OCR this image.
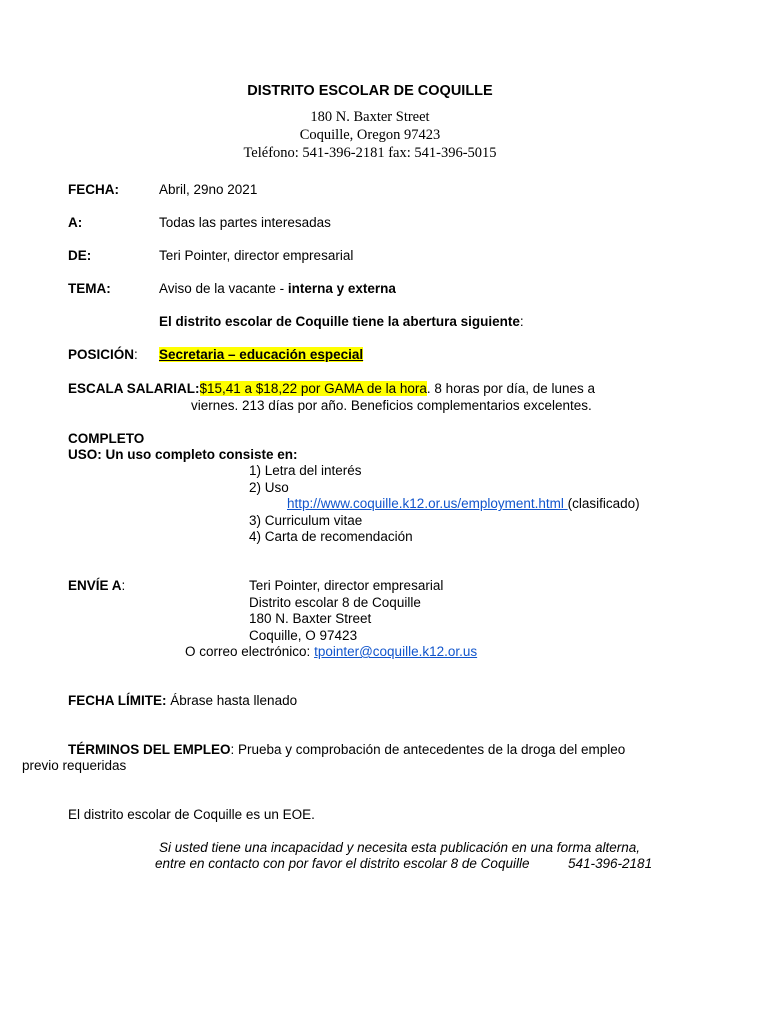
DISTRITO ESCOLAR DE COQUILLE
180 N. Baxter Street
Coquille, Oregon 97423
Teléfono: 541-396-2181 fax: 541-396-5015
FECHA:	Abril, 29no 2021
A:	Todas las partes interesadas
DE:	Teri Pointer, director empresarial
TEMA:	Aviso de la vacante - interna y externa
El distrito escolar de Coquille tiene la abertura siguiente:
POSICIÓN: Secretaria – educación especial
ESCALA SALARIAL:$15,41 a $18,22 por GAMA de la hora. 8 horas por día, de lunes a
viernes. 213 días por año. Beneficios complementarios excelentes.
COMPLETO
USO: Un uso completo consiste en:
1) Letra del interés
2) Uso
http://www.coquille.k12.or.us/employment.html (clasificado)
3) Curriculum vitae
4) Carta de recomendación
ENVÍE A:	Teri Pointer, director empresarial
Distrito escolar 8 de Coquille
180 N. Baxter Street
Coquille, O 97423
O correo electrónico: tpointer@coquille.k12.or.us
FECHA LÍMITE: Ábrase hasta llenado
TÉRMINOS DEL EMPLEO: Prueba y comprobación de antecedentes de la droga del empleo
previo requeridas
El distrito escolar de Coquille es un EOE.
Si usted tiene una incapacidad y necesita esta publicación en una forma alterna,
entre en contacto con por favor el distrito escolar 8 de Coquille	541-396-2181
